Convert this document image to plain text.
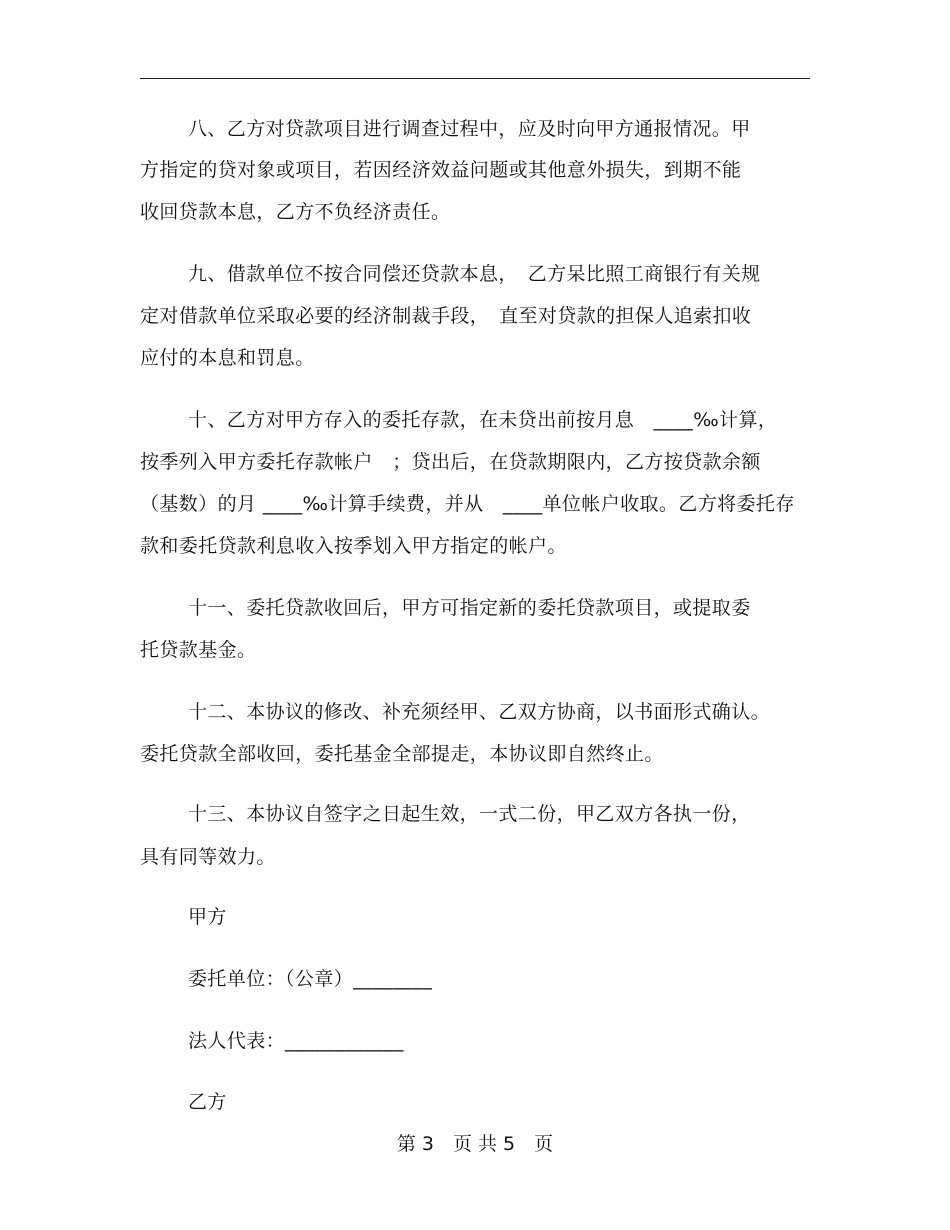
八、乙方对贷款项目进行调查过程中，应及时向甲方通报情况。甲
方指定的贷对象或项目，若因经济效益问题或其他意外损失，到期不能
收回贷款本息，乙方不负经济责任。
九、借款单位不按合同偿还贷款本息，　乙方呆比照工商银行有关规
定对借款单位采取必要的经济制裁手段，　直至对贷款的担保人追索扣收
应付的本息和罚息。
十、乙方对甲方存入的委托存款，在未贷出前按月息　____‰计算，
按季列入甲方委托存款帐户　；贷出后，在贷款期限内，乙方按贷款余额
（基数）的月 ____‰计算手续费，并从　____单位帐户收取。乙方将委托存
款和委托贷款利息收入按季划入甲方指定的帐户。
十一、委托贷款收回后，甲方可指定新的委托贷款项目，或提取委
托贷款基金。
十二、本协议的修改、补充须经甲、乙双方协商，以书面形式确认。
委托贷款全部收回，委托基金全部提走，本协议即自然终止。
十三、本协议自签字之日起生效，一式二份，甲乙双方各执一份，
具有同等效力。
甲方
委托单位：（公章）________
法人代表：____________
乙方
第 3　页 共 5　页
